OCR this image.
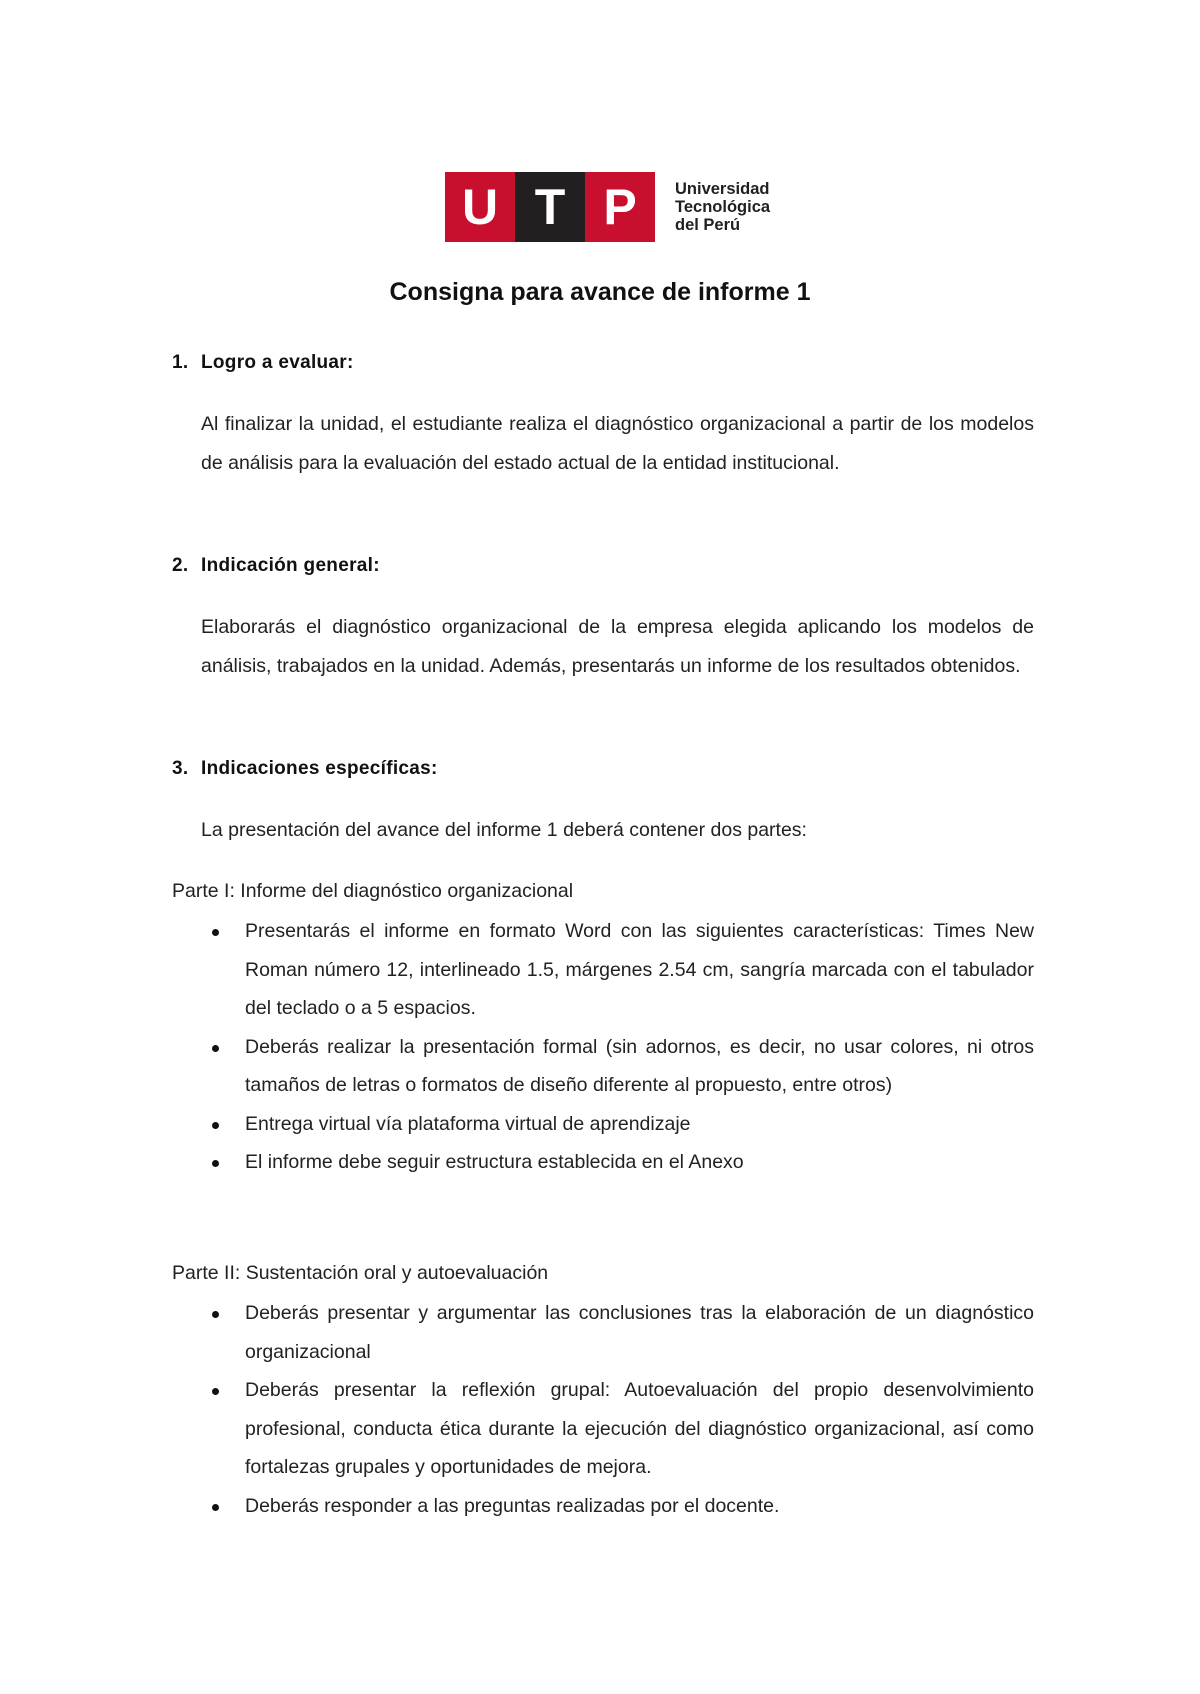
U T P	Universidad
Tecnológica
del Perú
Consigna para avance de informe 1
1. Logro a evaluar:
Al finalizar la unidad, el estudiante realiza el diagnóstico organizacional a partir de los modelos de análisis para la evaluación del estado actual de la entidad institucional.
2. Indicación general:
Elaborarás el diagnóstico organizacional de la empresa elegida aplicando los modelos de análisis, trabajados en la unidad. Además, presentarás un informe de los resultados obtenidos.
3. Indicaciones específicas:
La presentación del avance del informe 1 deberá contener dos partes:
Parte I: Informe del diagnóstico organizacional
Presentarás el informe en formato Word con las siguientes características: Times New Roman número 12, interlineado 1.5, márgenes 2.54 cm, sangría marcada con el tabulador del teclado o a 5 espacios.
Deberás realizar la presentación formal (sin adornos, es decir, no usar colores, ni otros tamaños de letras o formatos de diseño diferente al propuesto, entre otros)
Entrega virtual vía plataforma virtual de aprendizaje
El informe debe seguir estructura establecida en el Anexo
Parte II: Sustentación oral y autoevaluación
Deberás presentar y argumentar las conclusiones tras la elaboración de un diagnóstico organizacional
Deberás presentar la reflexión grupal: Autoevaluación del propio desenvolvimiento profesional, conducta ética durante la ejecución del diagnóstico organizacional, así como fortalezas grupales y oportunidades de mejora.
Deberás responder a las preguntas realizadas por el docente.
